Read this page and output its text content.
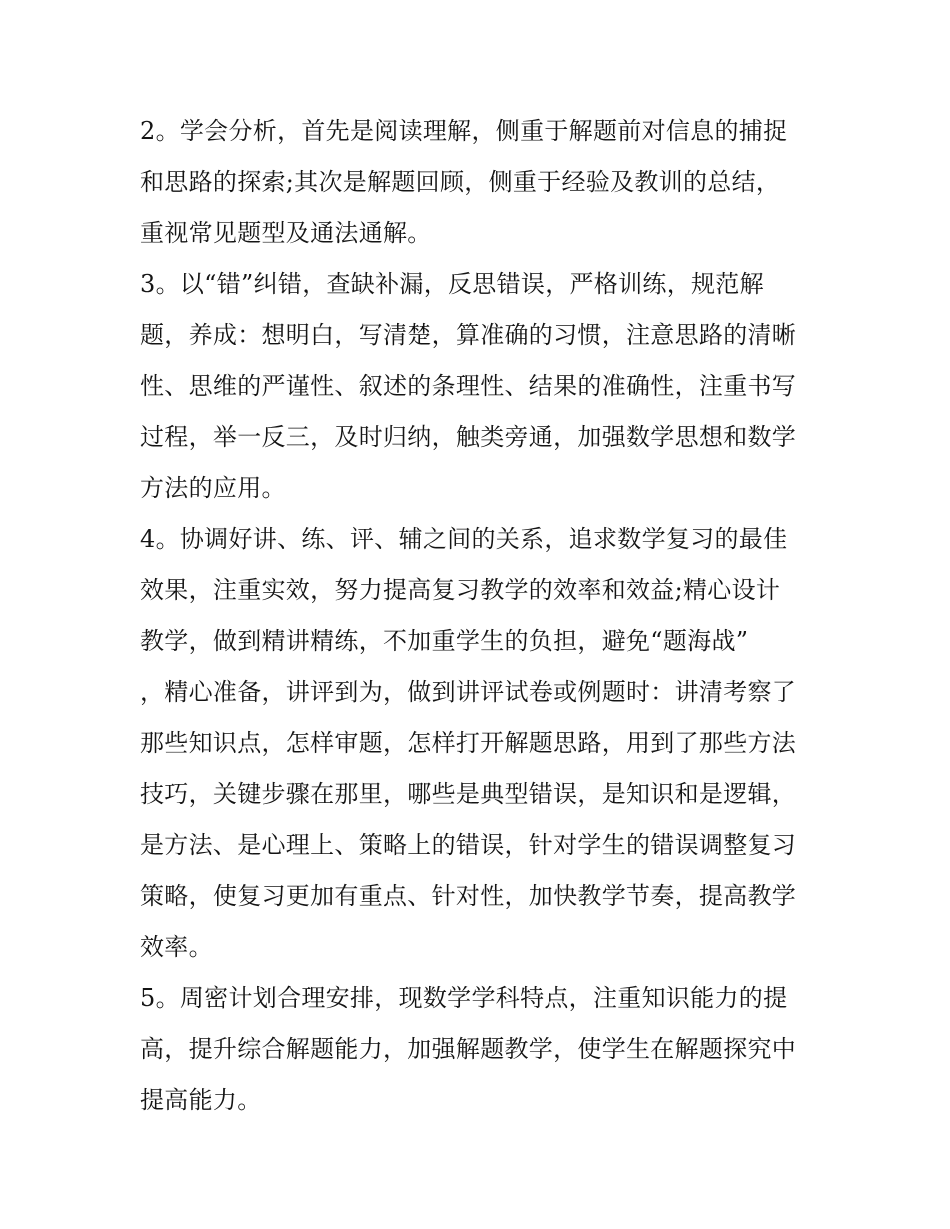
2。学会分析，首先是阅读理解，侧重于解题前对信息的捕捉
和思路的探索;其次是解题回顾，侧重于经验及教训的总结，
重视常见题型及通法通解。
3。以“错”纠错，查缺补漏，反思错误，严格训练，规范解
题，养成：想明白，写清楚，算准确的习惯，注意思路的清晰
性、思维的严谨性、叙述的条理性、结果的准确性，注重书写
过程，举一反三，及时归纳，触类旁通，加强数学思想和数学
方法的应用。
4。协调好讲、练、评、辅之间的关系，追求数学复习的最佳
效果，注重实效，努力提高复习教学的效率和效益;精心设计
教学，做到精讲精练，不加重学生的负担，避免“题海战”
，精心准备，讲评到为，做到讲评试卷或例题时：讲清考察了
那些知识点，怎样审题，怎样打开解题思路，用到了那些方法
技巧，关键步骤在那里，哪些是典型错误，是知识和是逻辑，
是方法、是心理上、策略上的错误，针对学生的错误调整复习
策略，使复习更加有重点、针对性，加快教学节奏，提高教学
效率。
5。周密计划合理安排，现数学学科特点，注重知识能力的提
高，提升综合解题能力，加强解题教学，使学生在解题探究中
提高能力。
